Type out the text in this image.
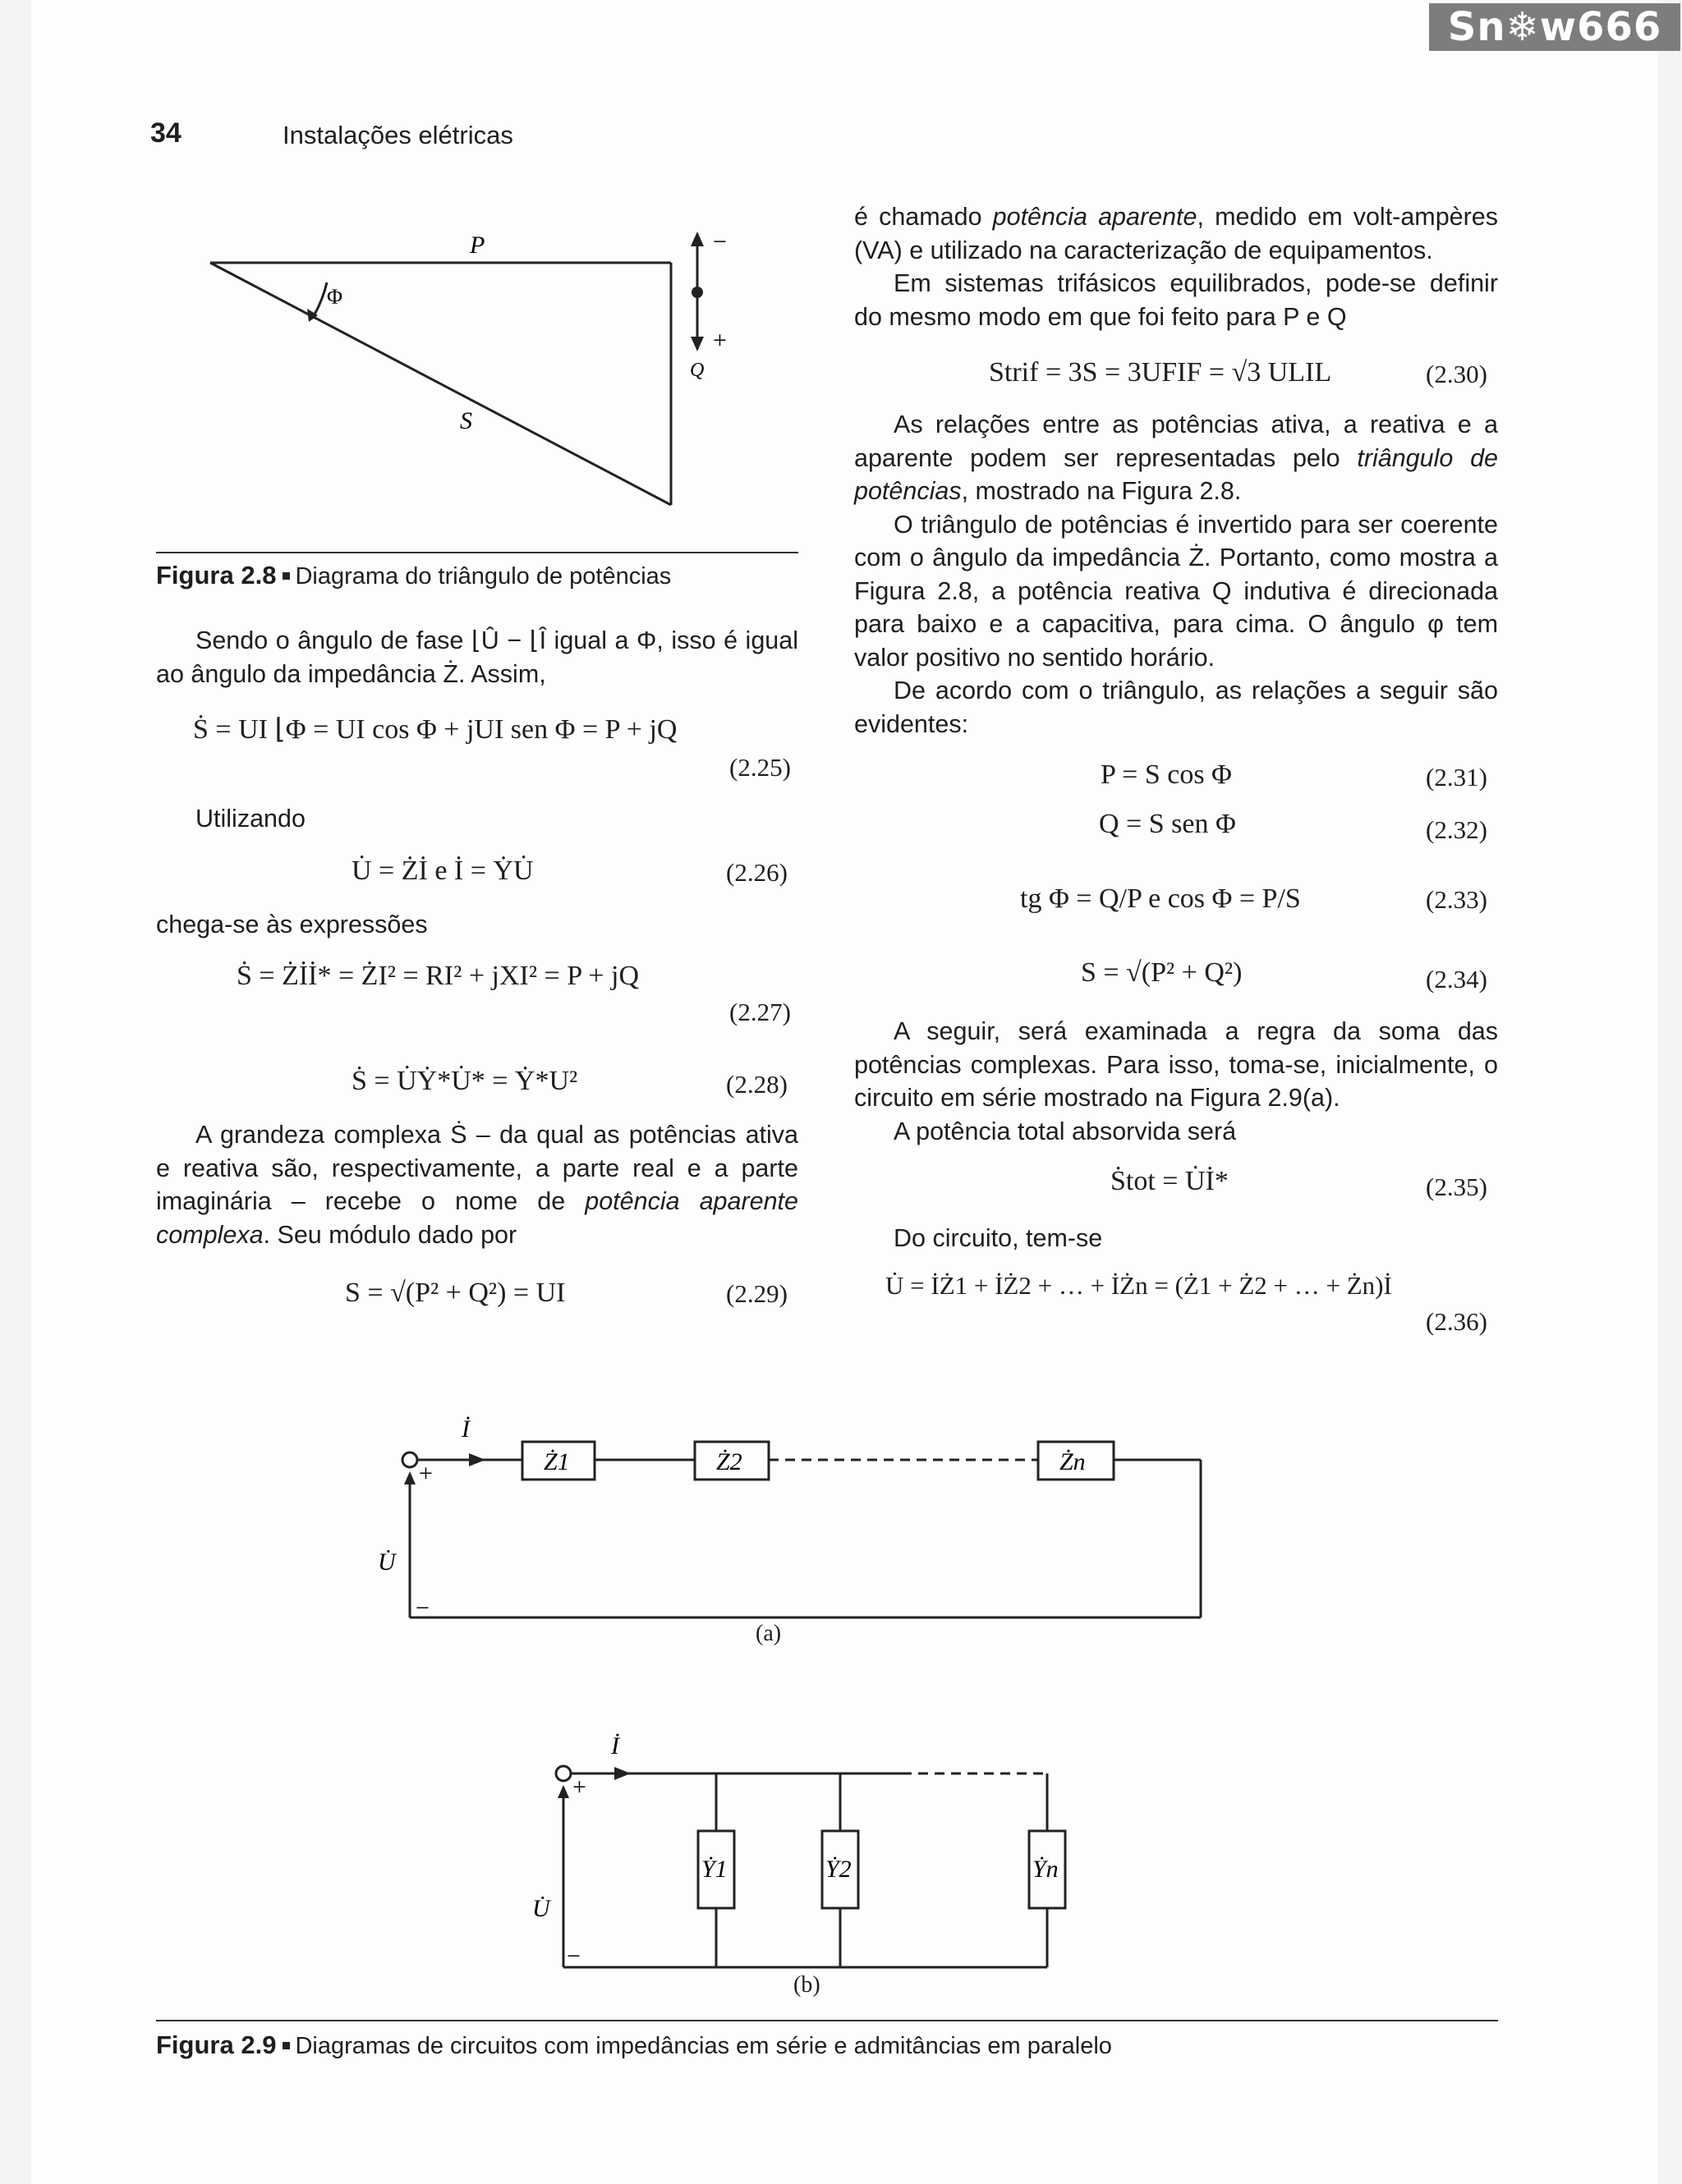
Sn❄w666
34	Instalações elétricas
P
Φ
S
Q
−
+
Figura 2.8 Diagrama do triângulo de potências

Sendo o ângulo de fase ⌊Û − ⌊Î igual a Φ, isso é igual ao ângulo da impedância Ż. Assim,

Ṡ = UI ⌊Φ = UI cos Φ + jUI sen Φ = P + jQ
(2.25)
Utilizando
U̇ = Żİ e İ = ẎU̇	(2.26)
chega-se às expressões
Ṡ = Żİİ* = ŻI² = RI² + jXI² = P + jQ
(2.27)
Ṡ = U̇Ẏ*U̇* = Ẏ*U²	(2.28)

A grandeza complexa Ṡ – da qual as potências ativa e reativa são, respectivamente, a parte real e a parte imaginária – recebe o nome de potência aparente complexa. Seu módulo dado por

S = √(P² + Q²) = UI	(2.29)

é chamado potência aparente, medido em volt-ampères (VA) e utilizado na caracterização de equipamentos.

Em sistemas trifásicos equilibrados, pode-se definir do mesmo modo em que foi feito para P e Q

Strif = 3S = 3UFIF = √3 ULIL	(2.30)

As relações entre as potências ativa, a reativa e a aparente podem ser representadas pelo triângulo de potências, mostrado na Figura 2.8.

O triângulo de potências é invertido para ser coerente com o ângulo da impedância Ż. Portanto, como mostra a Figura 2.8, a potência reativa Q indutiva é direcionada para baixo e a capacitiva, para cima. O ângulo φ tem valor positivo no sentido horário.

De acordo com o triângulo, as relações a seguir são evidentes:

P = S cos Φ	(2.31)
Q = S sen Φ	(2.32)
tg Φ = Q/P e cos Φ = P/S	(2.33)
S = √(P² + Q²)	(2.34)

A seguir, será examinada a regra da soma das potências complexas. Para isso, toma-se, inicialmente, o circuito em série mostrado na Figura 2.9(a).

A potência total absorvida será

Ṡtot = U̇İ*	(2.35)
Do circuito, tem-se
U̇ = İŻ1 + İŻ2 + … + İŻn = (Ż1 + Ż2 + … + Żn)İ
(2.36)
İ
+
−
U̇
Ż1	Ż2	Żn
(a)
İ
+
−
U̇
Ẏ1	Ẏ2	Ẏn
(b)
Figura 2.9 Diagramas de circuitos com impedâncias em série e admitâncias em paralelo
